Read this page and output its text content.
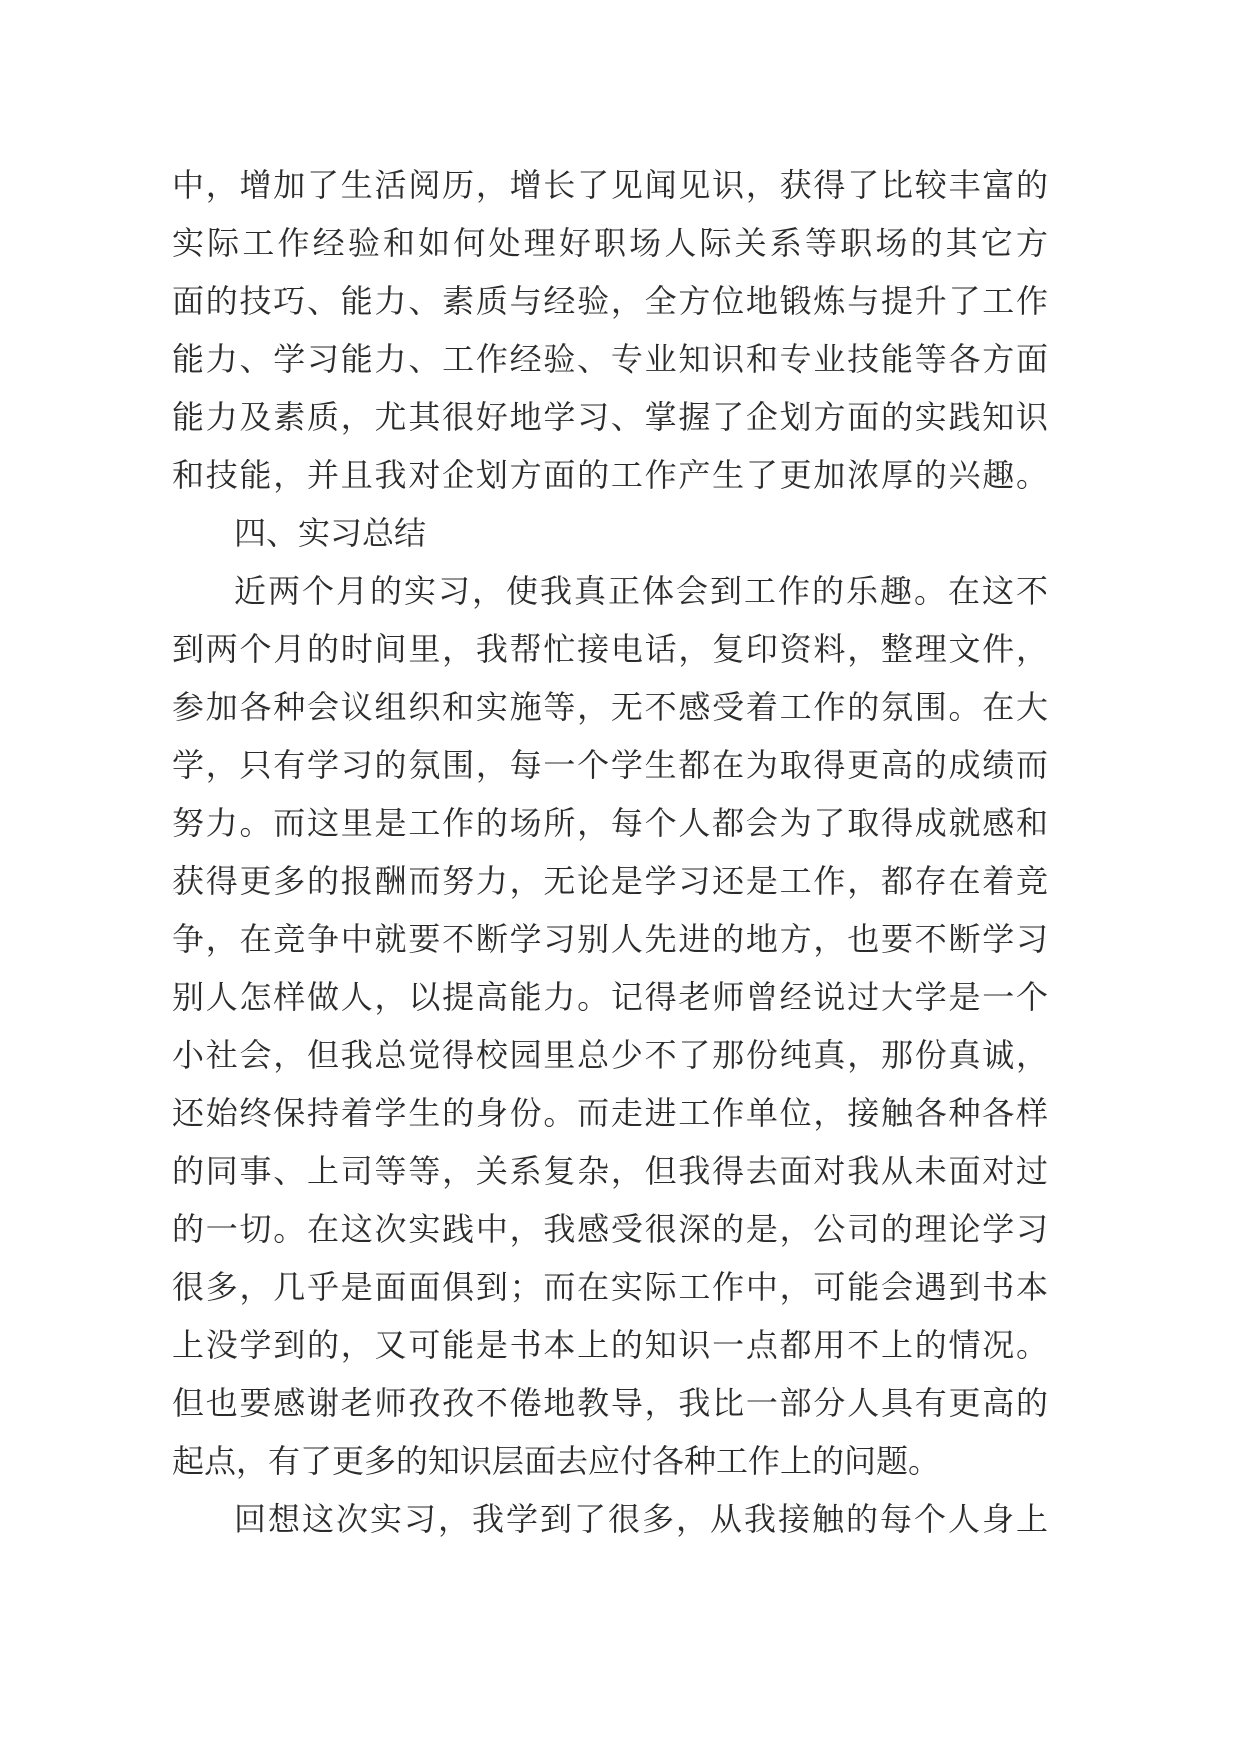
中，增加了生活阅历，增长了见闻见识，获得了比较丰富的
实际工作经验和如何处理好职场人际关系等职场的其它方
面的技巧、能力、素质与经验，全方位地锻炼与提升了工作
能力、学习能力、工作经验、专业知识和专业技能等各方面
能力及素质，尤其很好地学习、掌握了企划方面的实践知识
和技能，并且我对企划方面的工作产生了更加浓厚的兴趣。
四、实习总结
近两个月的实习，使我真正体会到工作的乐趣。在这不
到两个月的时间里，我帮忙接电话，复印资料，整理文件，
参加各种会议组织和实施等，无不感受着工作的氛围。在大
学，只有学习的氛围，每一个学生都在为取得更高的成绩而
努力。而这里是工作的场所，每个人都会为了取得成就感和
获得更多的报酬而努力，无论是学习还是工作，都存在着竞
争，在竞争中就要不断学习别人先进的地方，也要不断学习
别人怎样做人，以提高能力。记得老师曾经说过大学是一个
小社会，但我总觉得校园里总少不了那份纯真，那份真诚，
还始终保持着学生的身份。而走进工作单位，接触各种各样
的同事、上司等等，关系复杂，但我得去面对我从未面对过
的一切。在这次实践中，我感受很深的是，公司的理论学习
很多，几乎是面面俱到；而在实际工作中，可能会遇到书本
上没学到的，又可能是书本上的知识一点都用不上的情况。
但也要感谢老师孜孜不倦地教导，我比一部分人具有更高的
起点，有了更多的知识层面去应付各种工作上的问题。
回想这次实习，我学到了很多，从我接触的每个人身上
